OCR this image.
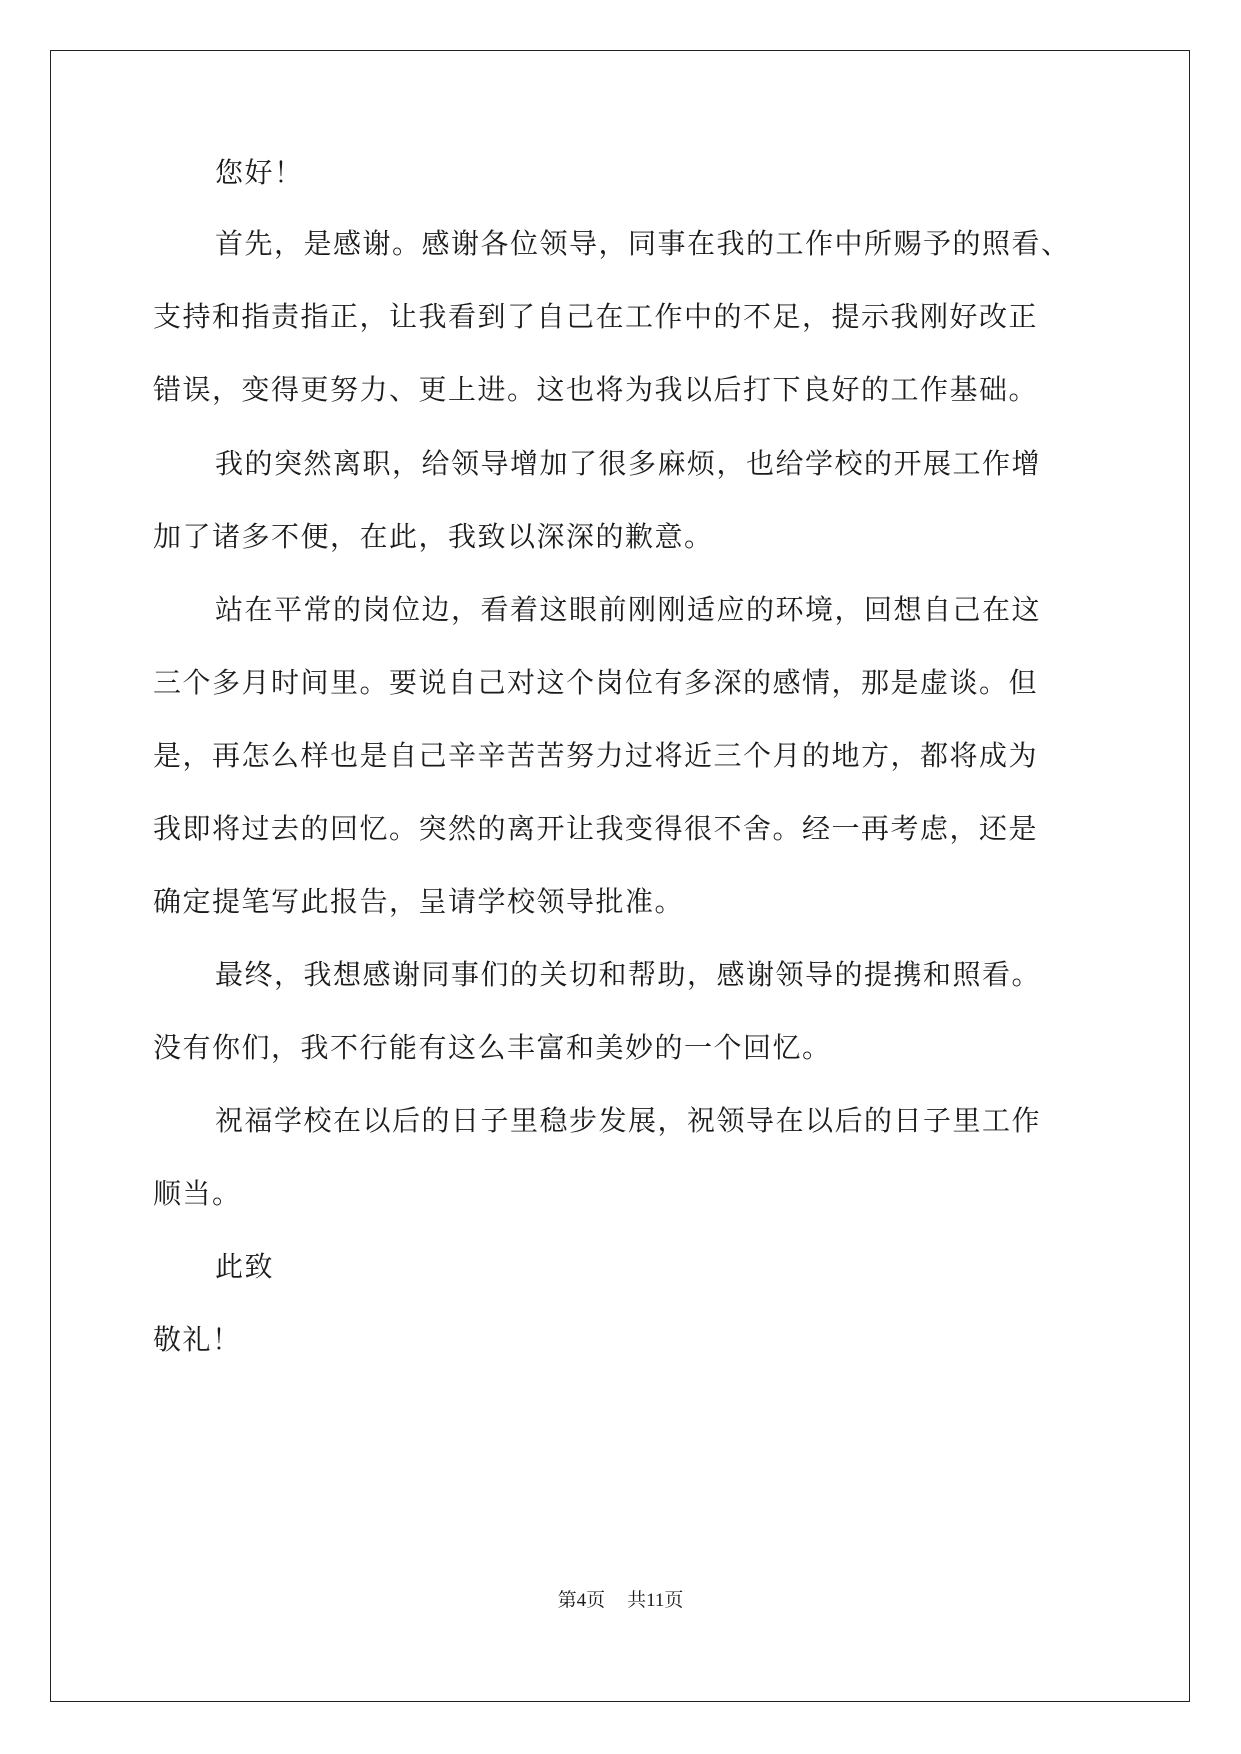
您好！
首先，是感谢。感谢各位领导，同事在我的工作中所赐予的照看、
支持和指责指正，让我看到了自己在工作中的不足，提示我刚好改正
错误，变得更努力、更上进。这也将为我以后打下良好的工作基础。
我的突然离职，给领导增加了很多麻烦，也给学校的开展工作增
加了诸多不便，在此，我致以深深的歉意。
站在平常的岗位边，看着这眼前刚刚适应的环境，回想自己在这
三个多月时间里。要说自己对这个岗位有多深的感情，那是虚谈。但
是，再怎么样也是自己辛辛苦苦努力过将近三个月的地方，都将成为
我即将过去的回忆。突然的离开让我变得很不舍。经一再考虑，还是
确定提笔写此报告，呈请学校领导批准。
最终，我想感谢同事们的关切和帮助，感谢领导的提携和照看。
没有你们，我不行能有这么丰富和美妙的一个回忆。
祝福学校在以后的日子里稳步发展，祝领导在以后的日子里工作
顺当。
此致
敬礼！
第4页 共11页
